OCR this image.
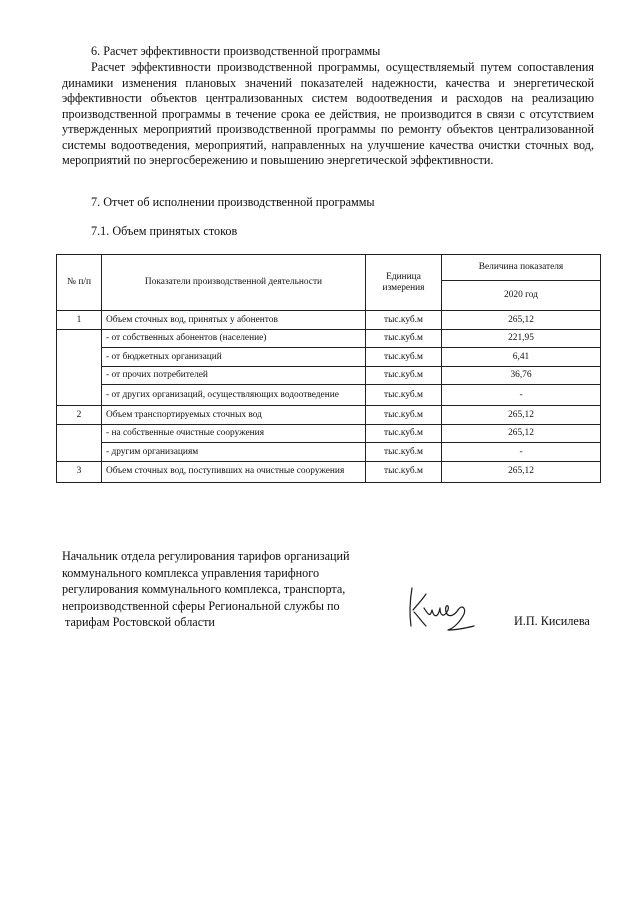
6. Расчет эффективности производственной программы
Расчет эффективности производственной программы, осуществляемый путем сопоставления динамики изменения плановых значений показателей надежности, качества и энергетической эффективности объектов централизованных систем водоотведения и расходов на реализацию производственной программы в течение срока ее действия, не производится в связи с отсутствием утвержденных мероприятий производственной программы по ремонту объектов централизованной системы водоотведения, мероприятий, направленных на улучшение качества очистки сточных вод, мероприятий по энергосбережению и повышению энергетической эффективности.
7. Отчет об исполнении производственной программы
7.1. Объем принятых стоков
№ п/п	Показатели производственной деятельности	Единица измерения	Величина показателя
			2020 год
1	Объем сточных вод, принятых у абонентов	тыс.куб.м	265,12
	- от собственных абонентов (население)	тыс.куб.м	221,95
	- от бюджетных организаций	тыс.куб.м	6,41
	- от прочих потребителей	тыс.куб.м	36,76
	- от других организаций, осуществляющих водоотведение	тыс.куб.м	-
2	Объем транспортируемых сточных вод	тыс.куб.м	265,12
	- на собственные очистные сооружения	тыс.куб.м	265,12
	- другим организациям	тыс.куб.м	-
3	Объем сточных вод, поступивших на очистные сооружения	тыс.куб.м	265,12
Начальник отдела регулирования тарифов организаций
коммунального комплекса управления тарифного
регулирования коммунального комплекса, транспорта,
непроизводственной сферы Региональной службы по
тарифам Ростовской области	И.П. Кисилева
